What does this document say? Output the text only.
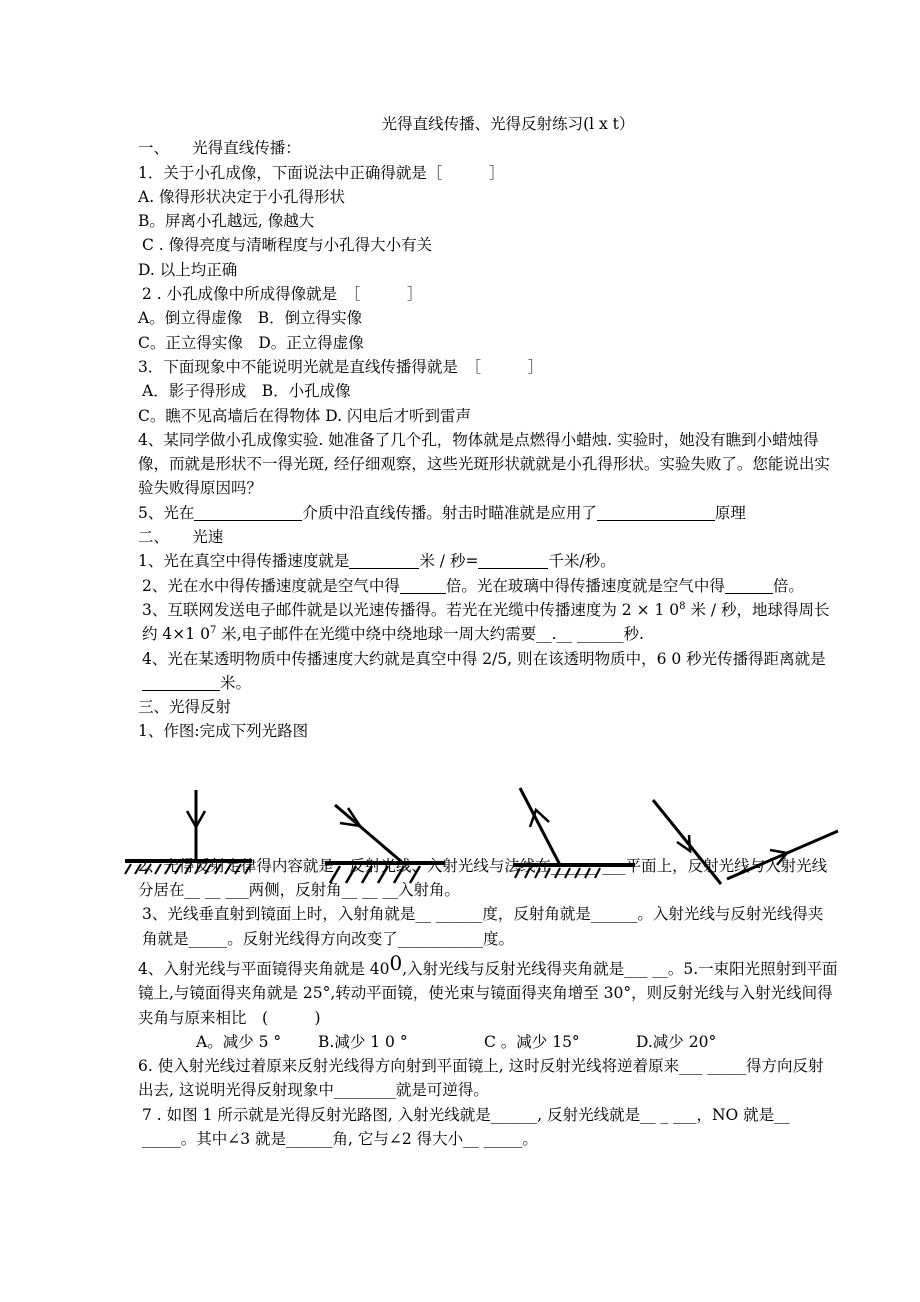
光得直线传播、光得反射练习(l x t）
一、　　光得直线传播：
1．关于小孔成像，下面说法中正确得就是［　　　］
A. 像得形状决定于小孔得形状
B。屏离小孔越远, 像越大
C . 像得亮度与清晰程度与小孔得大小有关
D. 以上均正确
2 . 小孔成像中所成得像就是　［　　　］
A。倒立得虚像　B．倒立得实像
C。正立得实像　D。正立得虚像
3．下面现象中不能说明光就是直线传播得就是　［　　　］
A．影子得形成　B．小孔成像
C。瞧不见高墙后在得物体 D. 闪电后才听到雷声
4、某同学做小孔成像实验. 她准备了几个孔，物体就是点燃得小蜡烛. 实验时，她没有瞧到小蜡烛得像，而就是形状不一得光斑, 经仔细观察，这些光斑形状就就是小孔得形状。实验失败了。您能说出实验失败得原因吗？
5、光在	介质中沿直线传播。射击时瞄准就是应用了	原理
二、　　光速
1、光在真空中得传播速度就是	米 / 秒=	千米/秒。
2、光在水中得传播速度就是空气中得	倍。光在玻璃中得传播速度就是空气中得	倍。
3、互联网发送电子邮件就是以光速传播得。若光在光缆中传播速度为 2 × 1 $0^8$ 米 / 秒，地球得周长约 4×1 $0^7$ 米,电子邮件在光缆中绕中绕地球一周大约需要__.__ ______秒.
4、光在某透明物质中传播速度大约就是真空中得 2/5, 则在该透明物质中，6 0 秒光传播得距离就是米。
三、光得反射
1、作图:完成下列光路图
2、光得反射定律得内容就是：反射光线、入射光线与法线在______ ___平面上，反射光线与入射光线分居在__ __ ___两侧，反射角__ __ __入射角。
3、光线垂直射到镜面上时，入射角就是__ ______度，反射角就是______。入射光线与反射光线得夹角就是_____。反射光线得方向改变了___________度。
4、入射光线与平面镜得夹角就是 400,入射光线与反射光线得夹角就是___ __。5.一束阳光照射到平面镜上,与镜面得夹角就是 25°,转动平面镜，使光束与镜面得夹角增至 30°，则反射光线与入射光线间得夹角与原来相比　(　　　)
A。减少 5 ° B.减少 1 0 °	C 。减少 15°	D.减少 20°
6. 使入射光线过着原来反射光线得方向射到平面镜上, 这时反射光线将逆着原来___ _____得方向反射出去, 这说明光得反射现象中________就是可逆得。
7 . 如图 1 所示就是光得反射光路图, 入射光线就是______, 反射光线就是__ _ ___，NO 就是__ _____。其中∠3 就是______角, 它与∠2 得大小__ _____。
